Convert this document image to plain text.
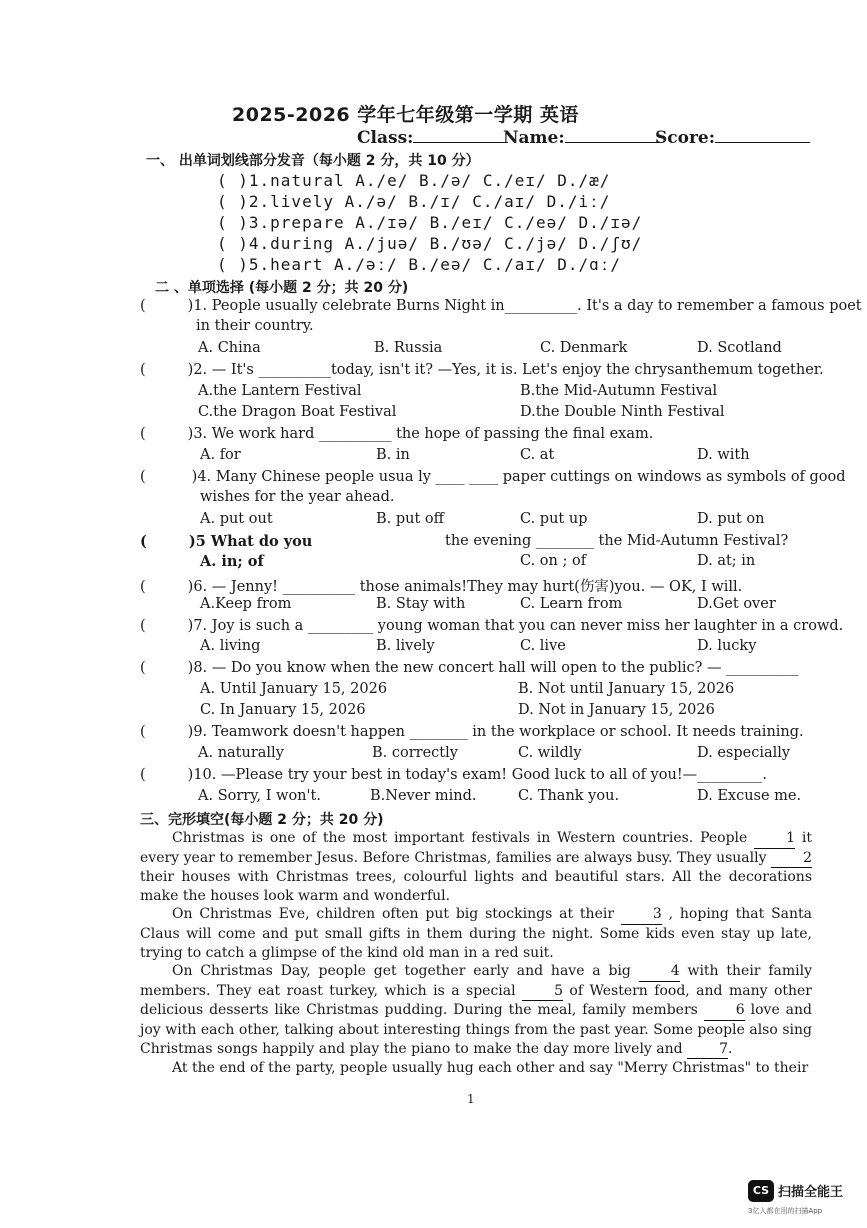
2025-2026 学年七年级第一学期 英语
Class:	Name:	Score:
一、 出单词划线部分发音（每小题 2 分，共 10 分）
( )1.natural A./e/ B./ə/ C./eɪ/ D./æ/
( )2.lively A./ə/ B./ɪ/ C./aɪ/ D./iː/
( )3.prepare A./ɪə/ B./eɪ/ C./eə/ D./ɪə/
( )4.during A./juə/ B./ʊə/ C./jə/ D./ʃʊ/
( )5.heart A./əː/ B./eə/ C./aɪ/ D./ɑː/
二 、单项选择 (每小题 2 分；共 20 分)
(	)1. People usually celebrate Burns Night in__________. It's a day to remember a famous poet
in their country.
A. China	B. Russia	C. Denmark	D. Scotland
(	)2. — It's __________today, isn't it? —Yes, it is. Let's enjoy the chrysanthemum together.
A.the Lantern Festival	B.the Mid-Autumn Festival
C.the Dragon Boat Festival	D.the Double Ninth Festival
(	)3. We work hard __________ the hope of passing the final exam.
A. for	B. in	C. at	D. with
(	)4. Many Chinese people usua ly ____ ____ paper cuttings on windows as symbols of good
wishes for the year ahead.
A. put out	B. put off	C. put up	D. put on
(	)5 What do you	the evening ________ the Mid-Autumn Festival?
A. in; of	C. on ; of	D. at; in
(	)6. — Jenny! __________ those animals!They may hurt(伤害)you. — OK, I will.
A.Keep from	B. Stay with	C. Learn from	D.Get over
(	)7. Joy is such a _________ young woman that you can never miss her laughter in a crowd.
A. living	B. lively	C. live	D. lucky
(	)8. — Do you know when the new concert hall will open to the public? — __________
A. Until January 15, 2026	B. Not until January 15, 2026
C. In January 15, 2026	D. Not in January 15, 2026
(	)9. Teamwork doesn't happen ________ in the workplace or school. It needs training.
A. naturally	B. correctly	C. wildly	D. especially
(	)10. —Please try your best in today's exam! Good luck to all of you!—_________.
A. Sorry, I won't.	B.Never mind.	C. Thank you.	D. Excuse me.
三、完形填空(每小题 2 分；共 20 分)

Christmas is one of the most important festivals in Western countries. People 1 it every year to remember Jesus. Before Christmas, families are always busy. They usually 2 their houses with Christmas trees, colourful lights and beautiful stars. All the decorations make the houses look warm and wonderful.

On Christmas Eve, children often put big stockings at their 3 , hoping that Santa Claus will come and put small gifts in them during the night. Some kids even stay up late, trying to catch a glimpse of the kind old man in a red suit.

On Christmas Day, people get together early and have a big 4 with their family members. They eat roast turkey, which is a special 5 of Western food, and many other delicious desserts like Christmas pudding. During the meal, family members 6 love and joy with each other, talking about interesting things from the past year. Some people also sing Christmas songs happily and play the piano to make the day more lively and 7.

At the end of the party, people usually hug each other and say "Merry Christmas" to their

1
CS 扫描全能王
3亿人都在用的扫描App
